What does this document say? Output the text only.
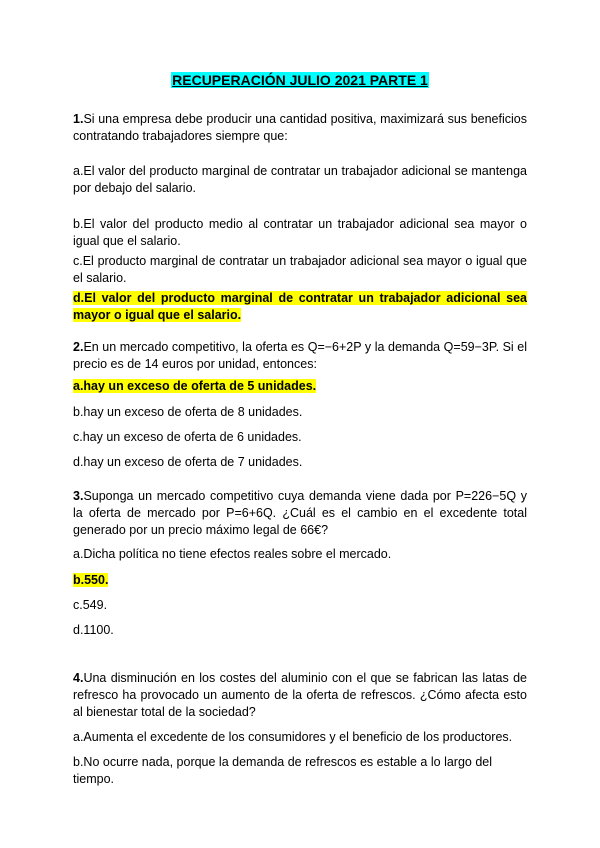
RECUPERACIÓN JULIO 2021 PARTE 1

1.Si una empresa debe producir una cantidad positiva, maximizará sus beneficios contratando trabajadores siempre que:

a.El valor del producto marginal de contratar un trabajador adicional se mantenga por debajo del salario.

b.El valor del producto medio al contratar un trabajador adicional sea mayor o igual que el salario.

c.El producto marginal de contratar un trabajador adicional sea mayor o igual que el salario.

d.El valor del producto marginal de contratar un trabajador adicional sea mayor o igual que el salario.

2.En un mercado competitivo, la oferta es Q=−6+2P y la demanda Q=59−3P. Si el precio es de 14 euros por unidad, entonces:

a.hay un exceso de oferta de 5 unidades.

b.hay un exceso de oferta de 8 unidades.

c.hay un exceso de oferta de 6 unidades.

d.hay un exceso de oferta de 7 unidades.

3.Suponga un mercado competitivo cuya demanda viene dada por P=226−5Q y la oferta de mercado por P=6+6Q. ¿Cuál es el cambio en el excedente total generado por un precio máximo legal de 66€?

a.Dicha política no tiene efectos reales sobre el mercado.

b.550.

c.549.

d.1100.

4.Una disminución en los costes del aluminio con el que se fabrican las latas de refresco ha provocado un aumento de la oferta de refrescos. ¿Cómo afecta esto al bienestar total de la sociedad?

a.Aumenta el excedente de los consumidores y el beneficio de los productores.

b.No ocurre nada, porque la demanda de refrescos es estable a lo largo del tiempo.
